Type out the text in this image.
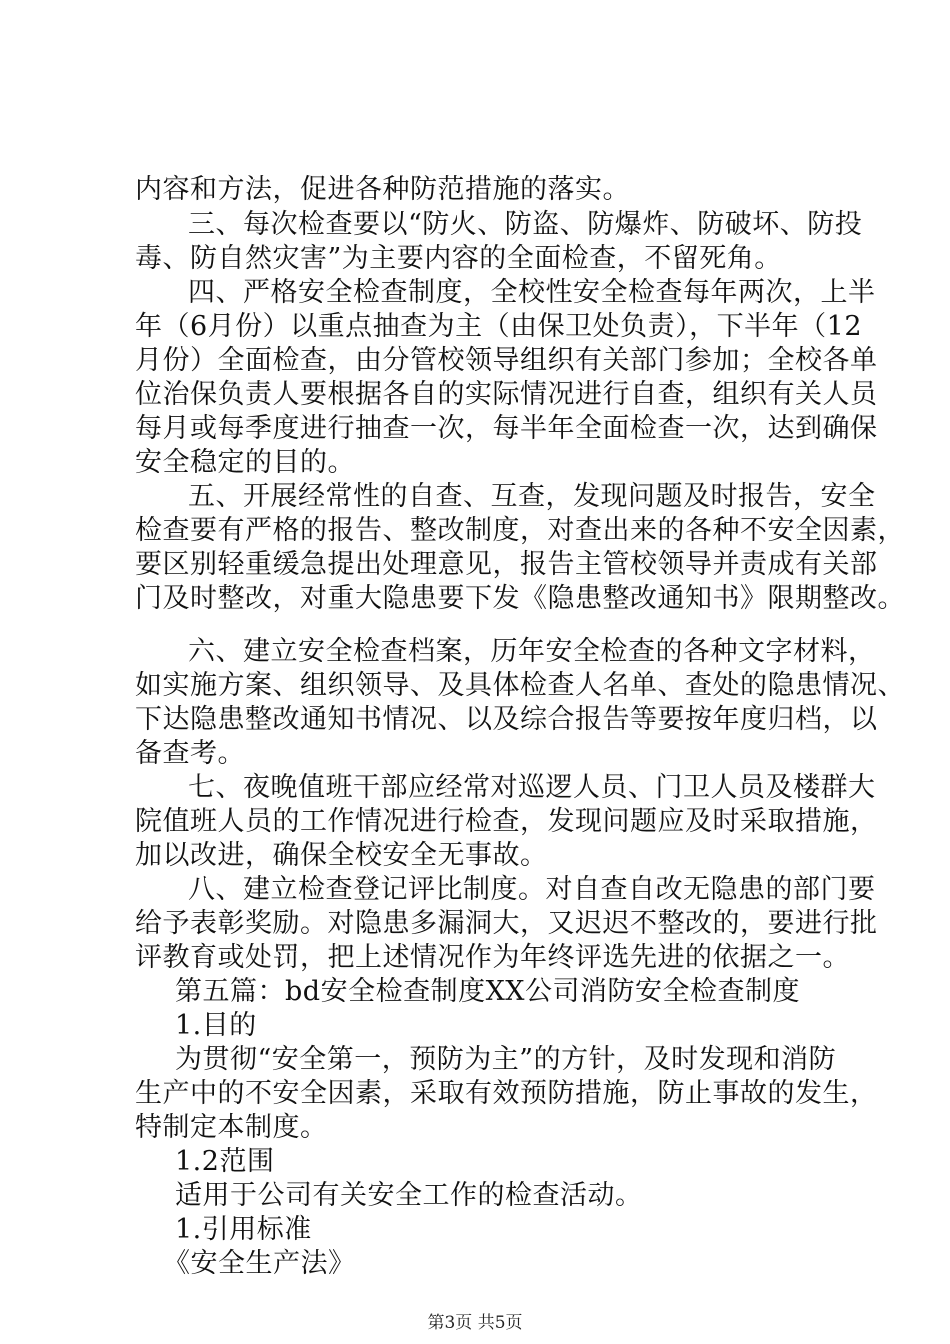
内容和方法，促进各种防范措施的落实。
三、每次检查要以“防火、防盗、防爆炸、防破坏、防投
毒、防自然灾害”为主要内容的全面检查，不留死角。
四、严格安全检查制度，全校性安全检查每年两次，上半
年（6月份）以重点抽查为主（由保卫处负责），下半年（12
月份）全面检查，由分管校领导组织有关部门参加；全校各单
位治保负责人要根据各自的实际情况进行自查，组织有关人员
每月或每季度进行抽查一次，每半年全面检查一次，达到确保
安全稳定的目的。
五、开展经常性的自查、互查，发现问题及时报告，安全
检查要有严格的报告、整改制度，对查出来的各种不安全因素，
要区别轻重缓急提出处理意见，报告主管校领导并责成有关部
门及时整改，对重大隐患要下发《隐患整改通知书》限期整改。
六、建立安全检查档案，历年安全检查的各种文字材料，
如实施方案、组织领导、及具体检查人名单、查处的隐患情况、
下达隐患整改通知书情况、以及综合报告等要按年度归档，以
备查考。
七、夜晚值班干部应经常对巡逻人员、门卫人员及楼群大
院值班人员的工作情况进行检查，发现问题应及时采取措施，
加以改进，确保全校安全无事故。
八、建立检查登记评比制度。对自查自改无隐患的部门要
给予表彰奖励。对隐患多漏洞大，又迟迟不整改的，要进行批
评教育或处罚，把上述情况作为年终评选先进的依据之一。
第五篇：bd安全检查制度XX公司消防安全检查制度
1.目的
为贯彻“安全第一，预防为主”的方针，及时发现和消防
生产中的不安全因素，采取有效预防措施，防止事故的发生，
特制定本制度。
1.2范围
适用于公司有关安全工作的检查活动。
1.引用标准
《安全生产法》
第3页 共5页
